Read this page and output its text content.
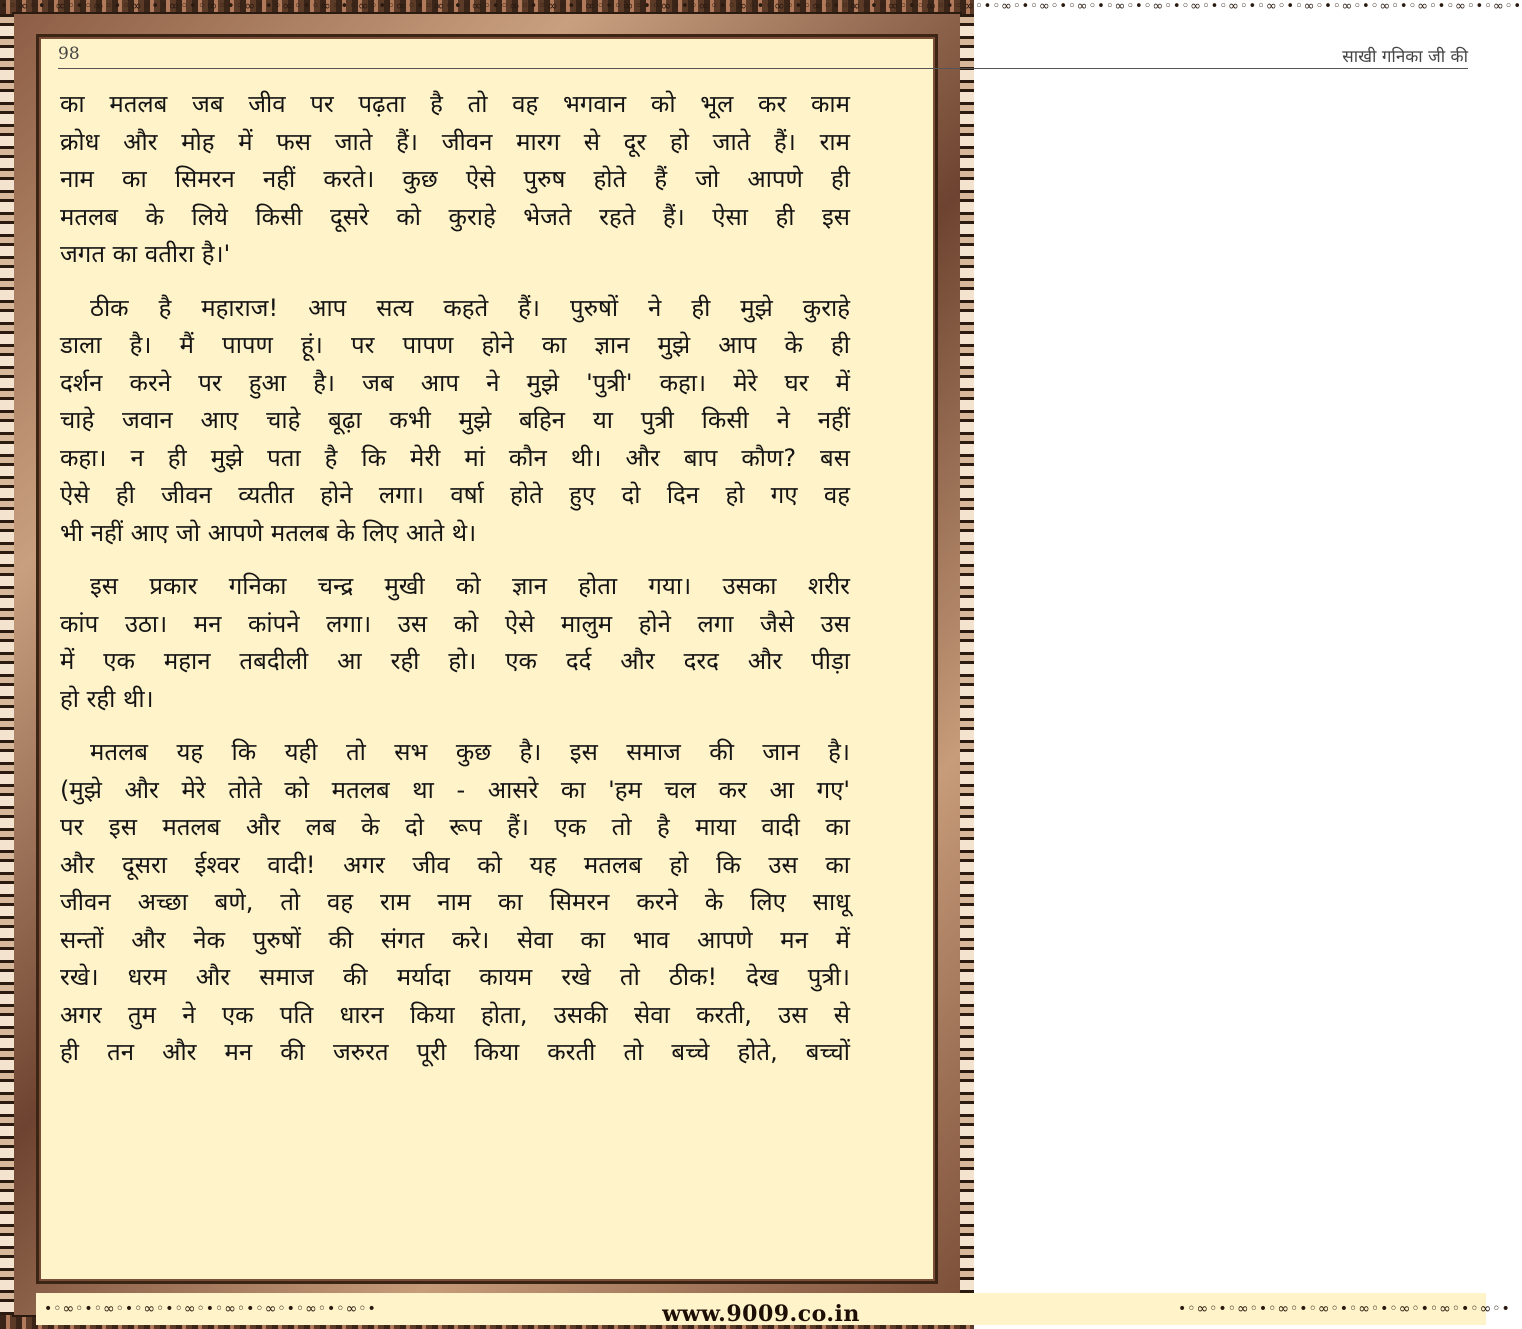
•◦∞◦•◦∞◦•◦∞◦•◦∞◦•◦∞◦•◦∞◦•◦∞◦•◦∞◦•◦∞◦•◦∞◦•◦∞◦•◦∞◦•◦∞◦•◦∞◦•◦∞◦•◦∞◦•◦∞◦•◦∞◦•◦∞◦•◦∞◦•◦∞◦•◦∞◦•◦∞◦•◦∞◦•◦∞◦•◦∞◦•◦∞◦•◦∞◦•◦∞◦•◦∞◦•◦∞◦•◦∞◦•◦∞◦•◦∞◦•◦∞◦•◦∞◦•◦∞◦•◦∞◦•◦∞◦•◦∞◦•
98	साखी गनिका जी की

का मतलब जब जीव पर पढ़ता है तो वह भगवान को भूल कर काम
क्रोध और मोह में फस जाते हैं। जीवन मारग से दूर हो जाते हैं। राम
नाम का सिमरन नहीं करते। कुछ ऐसे पुरुष होते हैं जो आपणे ही
मतलब के लिये किसी दूसरे को कुराहे भेजते रहते हैं। ऐसा ही इस
जगत का वतीरा है।'

ठीक है महाराज! आप सत्य कहते हैं। पुरुषों ने ही मुझे कुराहे
डाला है। मैं पापण हूं। पर पापण होने का ज्ञान मुझे आप के ही
दर्शन करने पर हुआ है। जब आप ने मुझे 'पुत्री' कहा। मेरे घर में
चाहे जवान आए चाहे बूढ़ा कभी मुझे बहिन या पुत्री किसी ने नहीं
कहा। न ही मुझे पता है कि मेरी मां कौन थी। और बाप कौण? बस
ऐसे ही जीवन व्यतीत होने लगा। वर्षा होते हुए दो दिन हो गए वह
भी नहीं आए जो आपणे मतलब के लिए आते थे।

इस प्रकार गनिका चन्द्र मुखी को ज्ञान होता गया। उसका शरीर
कांप उठा। मन कांपने लगा। उस को ऐसे मालुम होने लगा जैसे उस
में एक महान तबदीली आ रही हो। एक दर्द और दरद और पीड़ा
हो रही थी।

मतलब यह कि यही तो सभ कुछ है। इस समाज की जान है।
(मुझे और मेरे तोते को मतलब था - आसरे का 'हम चल कर आ गए'
पर इस मतलब और लब के दो रूप हैं। एक तो है माया वादी का
और दूसरा ईश्वर वादी! अगर जीव को यह मतलब हो कि उस का
जीवन अच्छा बणे, तो वह राम नाम का सिमरन करने के लिए साधू
सन्तों और नेक पुरुषों की संगत करे। सेवा का भाव आपणे मन में
रखे। धरम और समाज की मर्यादा कायम रखे तो ठीक! देख पुत्री।
अगर तुम ने एक पति धारन किया होता, उसकी सेवा करती, उस से
ही तन और मन की जरुरत पूरी किया करती तो बच्चे होते, बच्चों

www.9009.co.in
•◦∞◦•◦∞◦•◦∞◦•◦∞◦•◦∞◦•◦∞◦•◦∞◦•◦∞◦•	•◦∞◦•◦∞◦•◦∞◦•◦∞◦•◦∞◦•◦∞◦•◦∞◦•◦∞◦•
